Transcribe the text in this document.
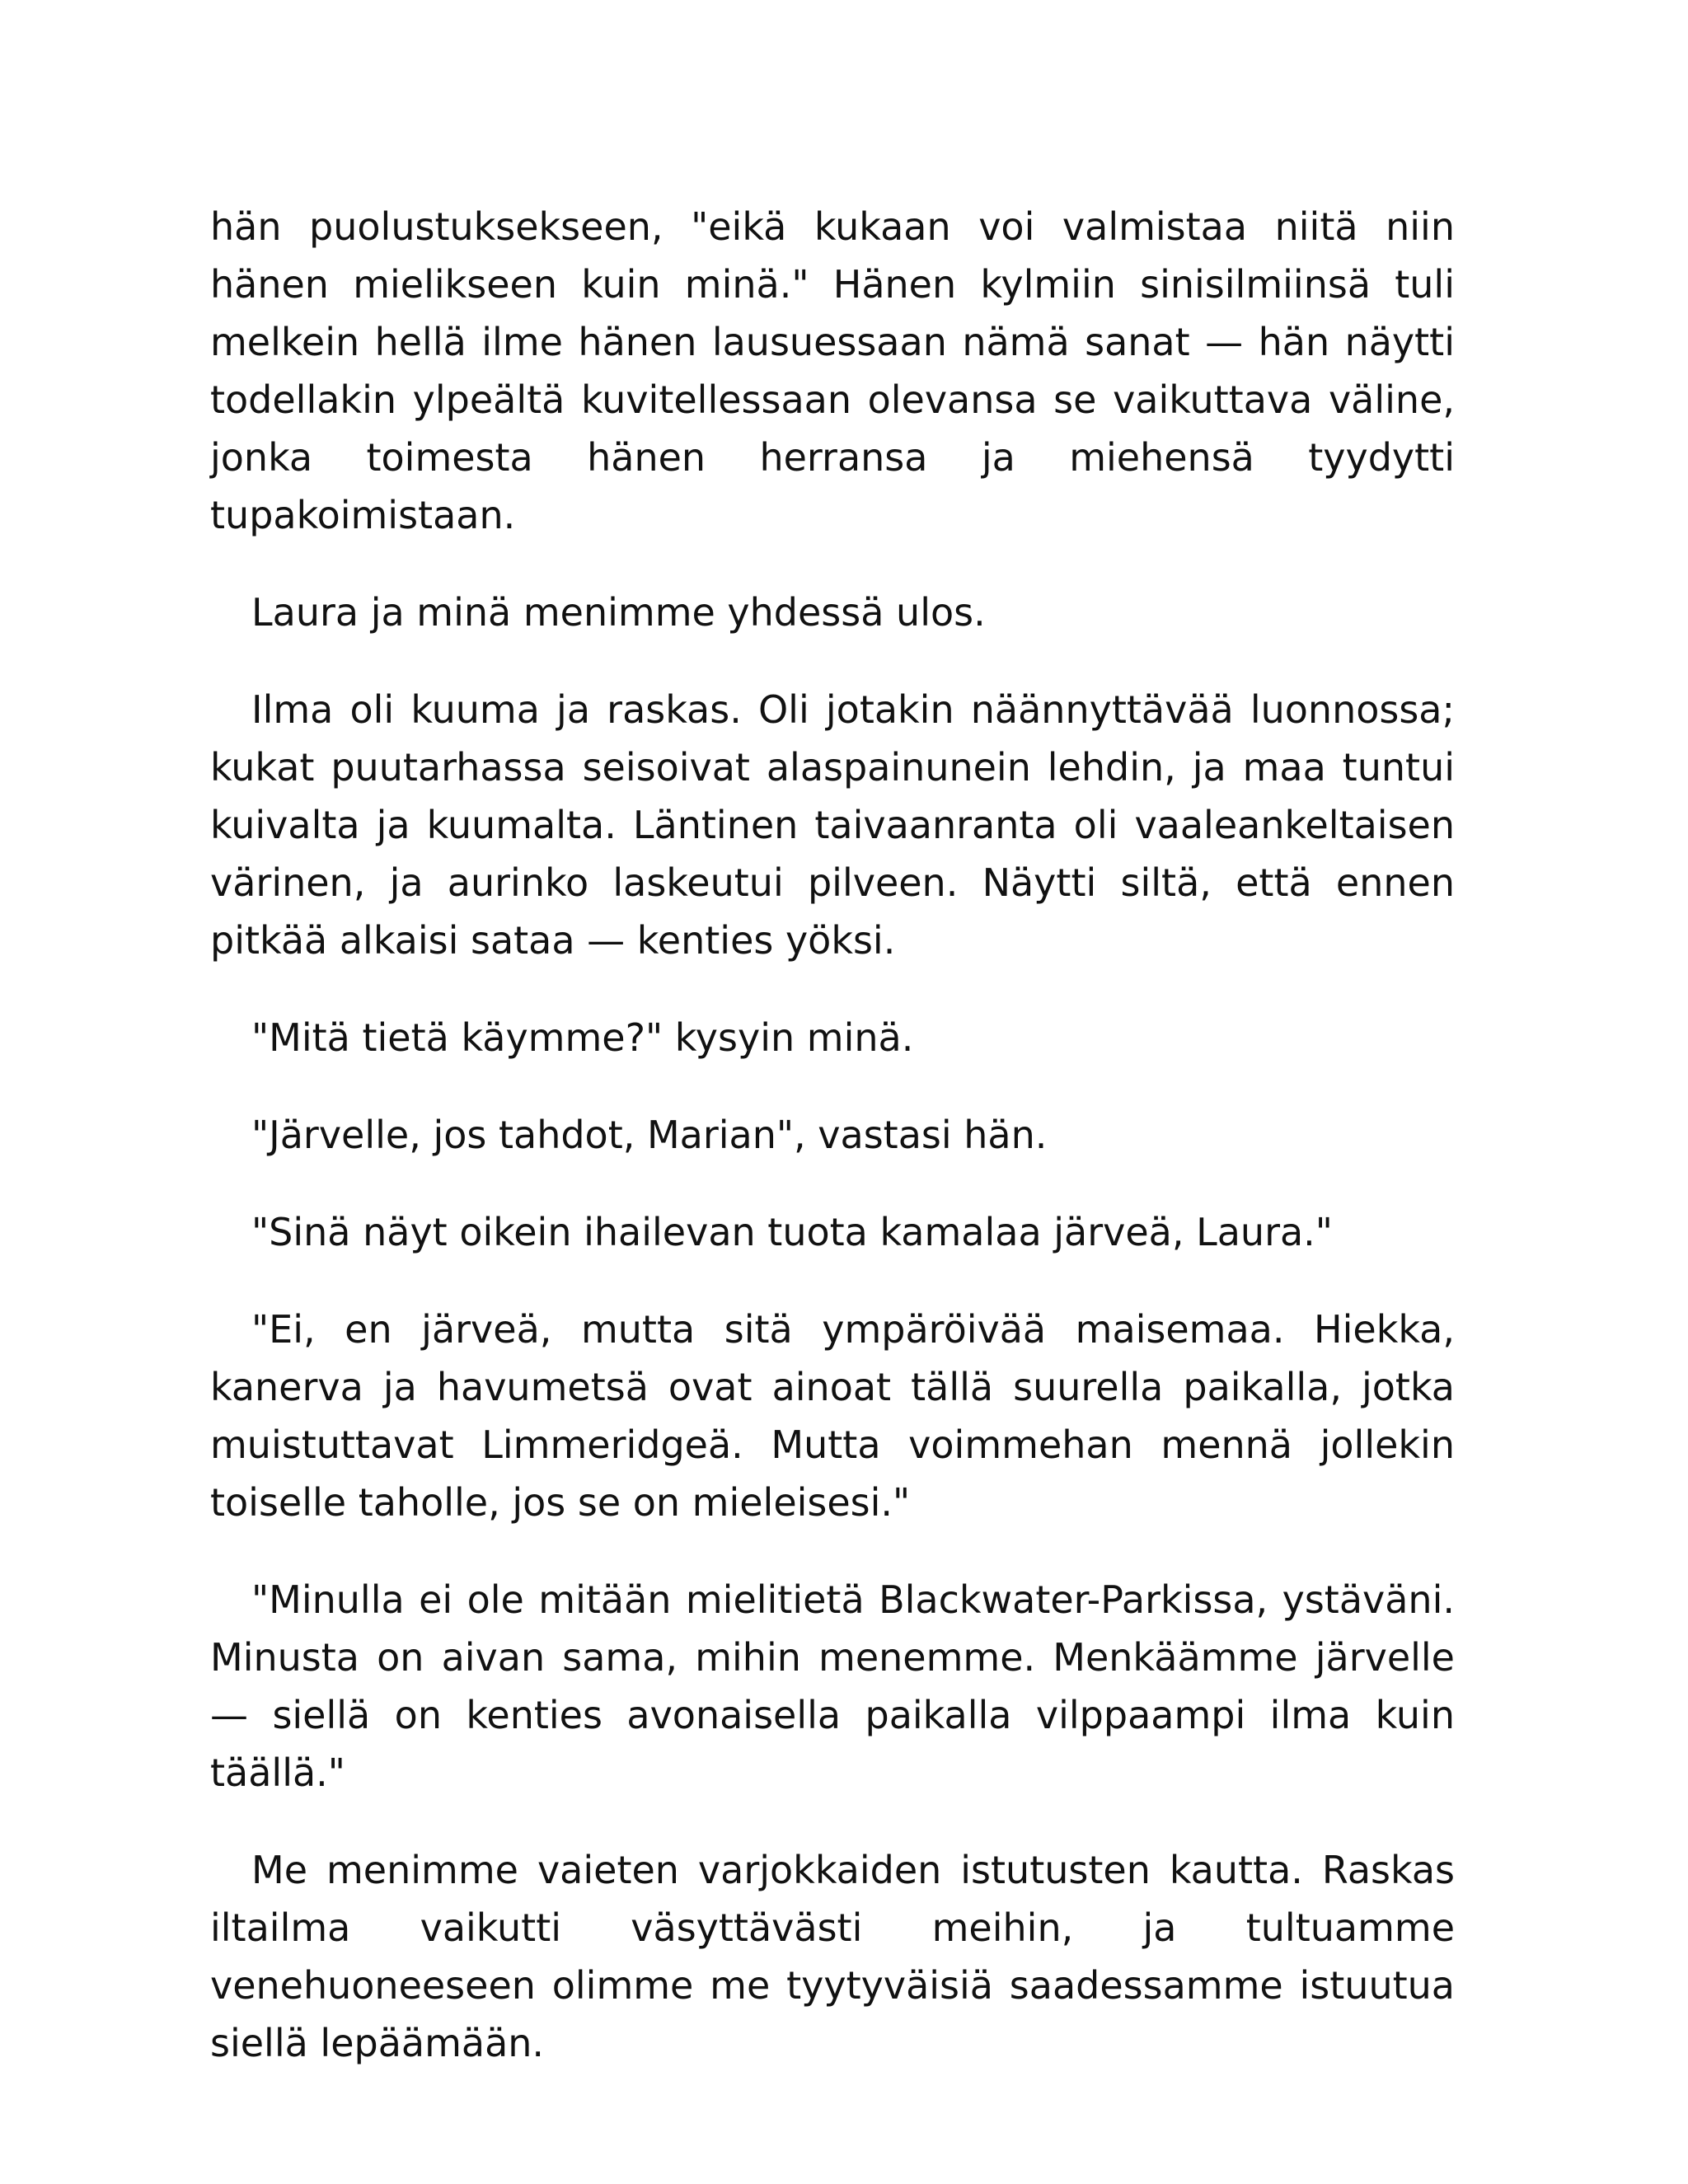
hän puolustuksekseen, "eikä kukaan voi valmistaa niitä niin hänen mielikseen kuin minä." Hänen kylmiin sinisilmiinsä tuli melkein hellä ilme hänen lausuessaan nämä sanat — hän näytti todellakin ylpeältä kuvitellessaan olevansa se vaikuttava väline, jonka toimesta hänen herransa ja miehensä tyydytti tupakoimistaan.

Laura ja minä menimme yhdessä ulos.

Ilma oli kuuma ja raskas. Oli jotakin näännyttävää luonnossa; kukat puutarhassa seisoivat alaspainunein lehdin, ja maa tuntui kuivalta ja kuumalta. Läntinen taivaanranta oli vaaleankeltaisen värinen, ja aurinko laskeutui pilveen. Näytti siltä, että ennen pitkää alkaisi sataa — kenties yöksi.

"Mitä tietä käymme?" kysyin minä.

"Järvelle, jos tahdot, Marian", vastasi hän.

"Sinä näyt oikein ihailevan tuota kamalaa järveä, Laura."

"Ei, en järveä, mutta sitä ympäröivää maisemaa. Hiekka, kanerva ja havumetsä ovat ainoat tällä suurella paikalla, jotka muistuttavat Limmeridgeä. Mutta voimmehan mennä jollekin toiselle taholle, jos se on mieleisesi."

"Minulla ei ole mitään mielitietä Blackwater-Parkissa, ystäväni. Minusta on aivan sama, mihin menemme. Menkäämme järvelle — siellä on kenties avonaisella paikalla vilppaampi ilma kuin täällä."

Me menimme vaieten varjokkaiden istutusten kautta. Raskas iltailma vaikutti väsyttävästi meihin, ja tultuamme venehuoneeseen olimme me tyytyväisiä saadessamme istuutua siellä lepäämään.
